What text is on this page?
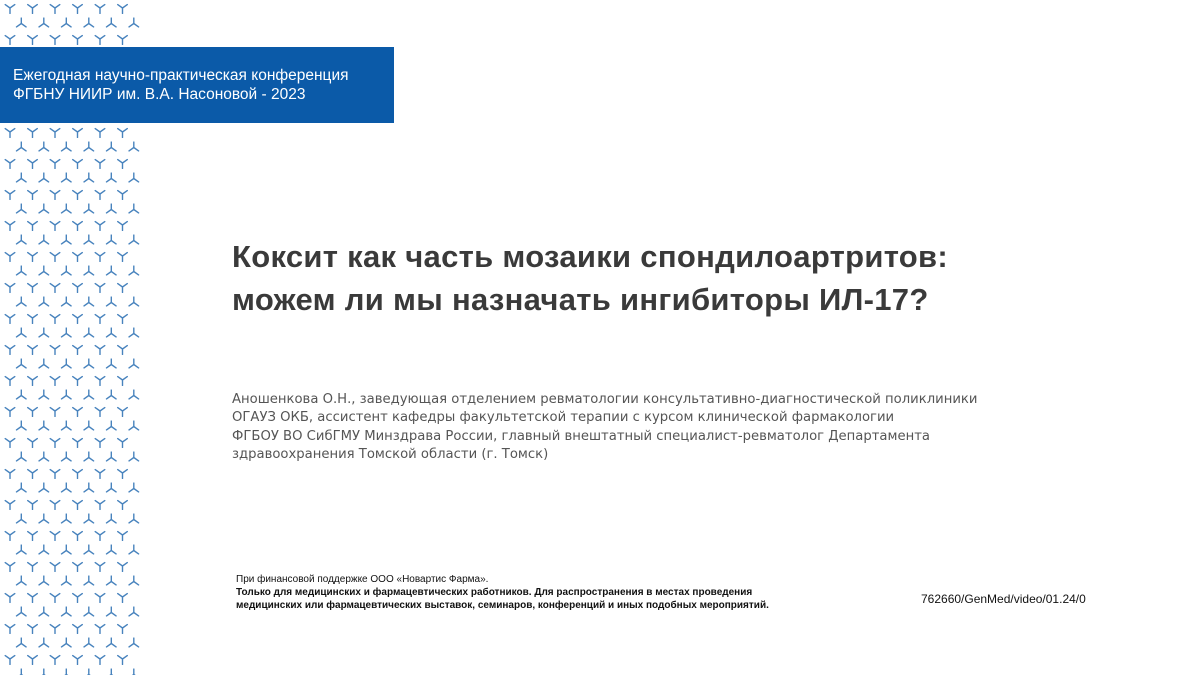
Ежегодная научно-практическая конференция
ФГБНУ НИИР им. В.А. Насоновой - 2023
Коксит как часть мозаики спондилоартритов:
можем ли мы назначать ингибиторы ИЛ-17?
Аношенкова О.Н., заведующая отделением ревматологии консультативно-диагностической поликлиники
ОГАУЗ ОКБ, ассистент кафедры факультетской терапии с курсом клинической фармакологии
ФГБОУ ВО СибГМУ Минздрава России, главный внештатный специалист-ревматолог Департамента
здравоохранения Томской области (г. Томск)
При финансовой поддержке ООО «Новартис Фарма».
Только для медицинских и фармацевтических работников. Для распространения в местах проведения
медицинских или фармацевтических выставок, семинаров, конференций и иных подобных мероприятий.	762660/GenMed/video/01.24/0
